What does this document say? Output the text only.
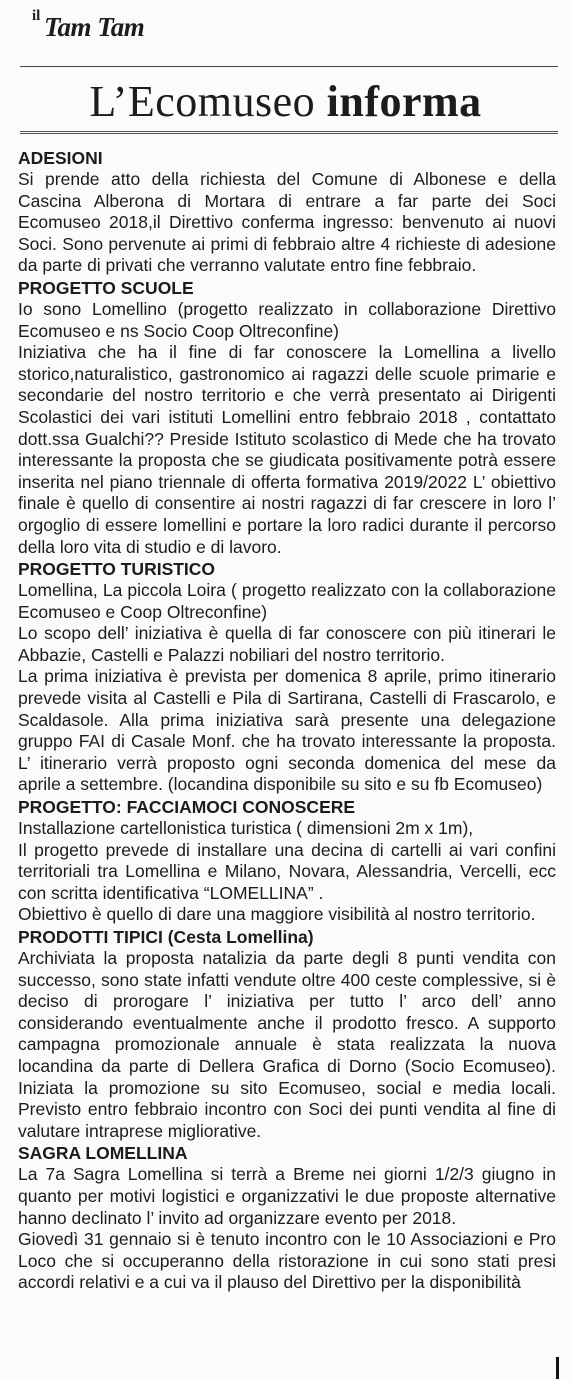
il Tam Tam
L’Ecomuseo informa
ADESIONI

Si prende atto della richiesta del Comune di Albonese e della Cascina Alberona di Mortara di entrare a far parte dei Soci Ecomuseo 2018,il Direttivo conferma ingresso: benvenuto ai nuovi Soci. Sono pervenute ai primi di febbraio altre 4 richieste di adesione da parte di privati che verranno valutate entro fine febbraio.

PROGETTO SCUOLE

Io sono Lomellino (progetto realizzato in collaborazione Direttivo Ecomuseo e ns Socio Coop Oltreconfine)

Iniziativa che ha il fine di far conoscere la Lomellina a livello storico,naturalistico, gastronomico ai ragazzi delle scuole primarie e secondarie del nostro territorio e che verrà presentato ai Dirigenti Scolastici dei vari istituti Lomellini entro febbraio 2018 , contattato dott.ssa Gualchi?? Preside Istituto scolastico di Mede che ha trovato interessante la proposta che se giudicata positivamente potrà essere inserita nel piano triennale di offerta formativa 2019/2022 L’ obiettivo finale è quello di consentire ai nostri ragazzi di far crescere in loro l’ orgoglio di essere lomellini e portare la loro radici durante il percorso della loro vita di studio e di lavoro.

PROGETTO TURISTICO

Lomellina, La piccola Loira ( progetto realizzato con la collaborazione Ecomuseo e Coop Oltreconfine)

Lo scopo dell’ iniziativa è quella di far conoscere con più itinerari le Abbazie, Castelli e Palazzi nobiliari del nostro territorio.

La prima iniziativa è prevista per domenica 8 aprile, primo itinerario prevede visita al Castelli e Pila di Sartirana, Castelli di Frascarolo, e Scaldasole. Alla prima iniziativa sarà presente una delegazione gruppo FAI di Casale Monf. che ha trovato interessante la proposta. L’ itinerario verrà proposto ogni seconda domenica del mese da aprile a settembre. (locandina disponibile su sito e su fb Ecomuseo)

PROGETTO: FACCIAMOCI CONOSCERE

Installazione cartellonistica turistica ( dimensioni 2m x 1m),

Il progetto prevede di installare una decina di cartelli ai vari confini territoriali tra Lomellina e Milano, Novara, Alessandria, Vercelli, ecc con scritta identificativa “LOMELLINA” .

Obiettivo è quello di dare una maggiore visibilità al nostro territorio.

PRODOTTI TIPICI (Cesta Lomellina)

Archiviata la proposta natalizia da parte degli 8 punti vendita con successo, sono state infatti vendute oltre 400 ceste complessive, si è deciso di prorogare l’ iniziativa per tutto l’ arco dell’ anno considerando eventualmente anche il prodotto fresco. A supporto campagna promozionale annuale è stata realizzata la nuova locandina da parte di Dellera Grafica di Dorno (Socio Ecomuseo). Iniziata la promozione su sito Ecomuseo, social e media locali. Previsto entro febbraio incontro con Soci dei punti vendita al fine di valutare intraprese migliorative.

SAGRA LOMELLINA

La 7a Sagra Lomellina si terrà a Breme nei giorni 1/2/3 giugno in quanto per motivi logistici e organizzativi le due proposte alternative hanno declinato l’ invito ad organizzare evento per 2018.

Giovedì 31 gennaio si è tenuto incontro con le 10 Associazioni e Pro Loco che si occuperanno della ristorazione in cui sono stati presi accordi relativi e a cui va il plauso del Direttivo per la disponibilità
